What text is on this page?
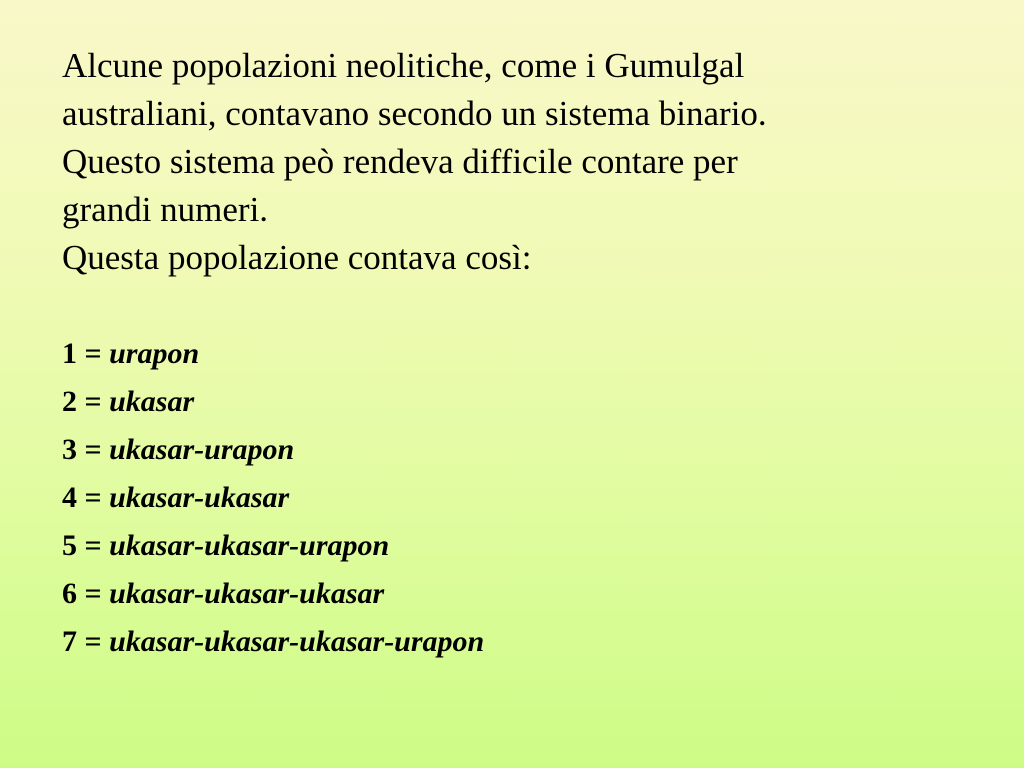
Alcune popolazioni neolitiche, come i Gumulgal
australiani, contavano secondo un sistema binario.
Questo sistema peò rendeva difficile contare per
grandi numeri.
Questa popolazione contava così:
1 = urapon
2 = ukasar
3 = ukasar-urapon
4 = ukasar-ukasar
5 = ukasar-ukasar-urapon
6 = ukasar-ukasar-ukasar
7 = ukasar-ukasar-ukasar-urapon
